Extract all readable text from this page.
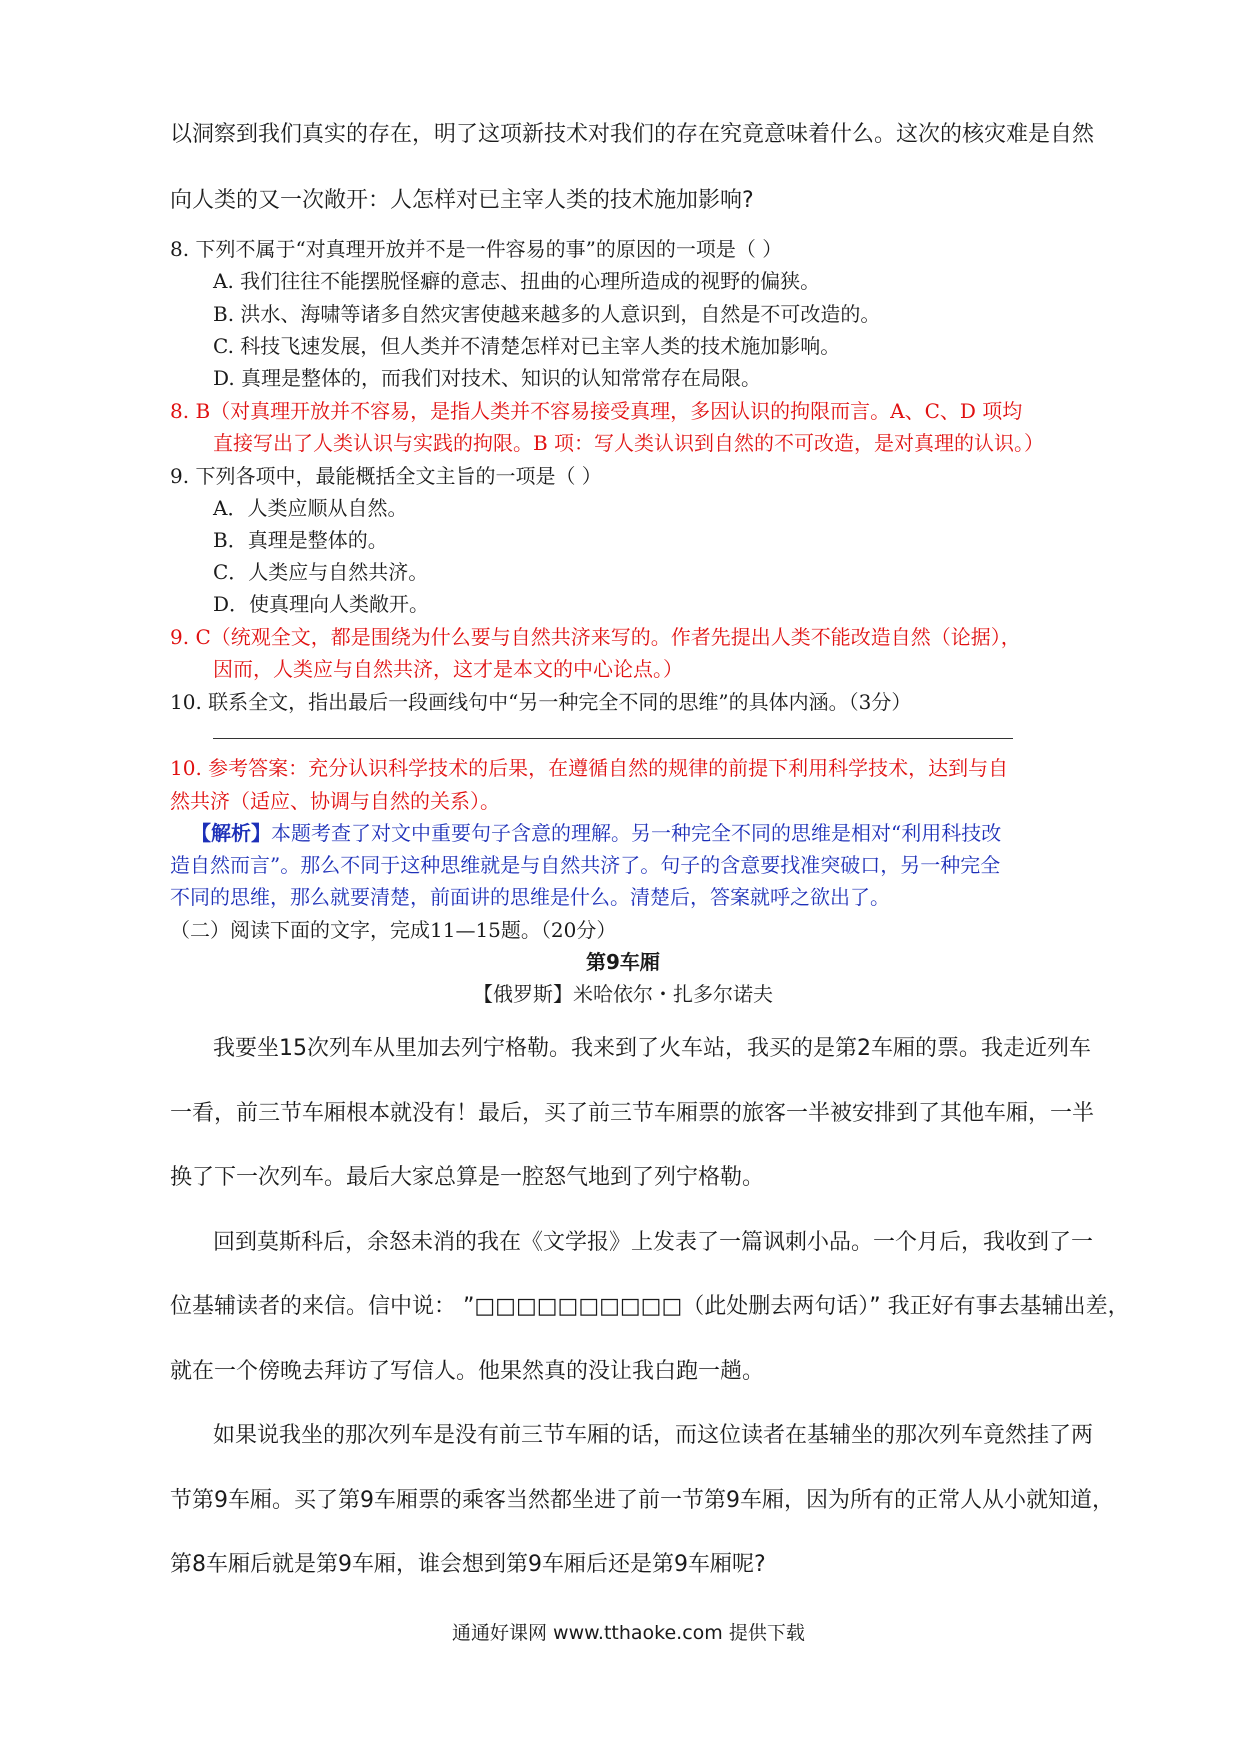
以洞察到我们真实的存在，明了这项新技术对我们的存在究竟意味着什么。这次的核灾难是自然
向人类的又一次敞开：人怎样对已主宰人类的技术施加影响?
8. 下列不属于“对真理开放并不是一件容易的事”的原因的一项是（ ）
A. 我们往往不能摆脱怪癖的意志、扭曲的心理所造成的视野的偏狭。
B. 洪水、海啸等诸多自然灾害使越来越多的人意识到，自然是不可改造的。
C. 科技飞速发展，但人类并不清楚怎样对已主宰人类的技术施加影响。
D. 真理是整体的，而我们对技术、知识的认知常常存在局限。
8. B（对真理开放并不容易，是指人类并不容易接受真理，多因认识的拘限而言。A、C、D 项均
直接写出了人类认识与实践的拘限。B 项：写人类认识到自然的不可改造，是对真理的认识。）
9. 下列各项中，最能概括全文主旨的一项是（ ）
A．人类应顺从自然。
B．真理是整体的。
C．人类应与自然共济。
D．使真理向人类敞开。
9. C（统观全文，都是围绕为什么要与自然共济来写的。作者先提出人类不能改造自然（论据），
因而，人类应与自然共济，这才是本文的中心论点。）
10. 联系全文，指出最后一段画线句中“另一种完全不同的思维”的具体内涵。（3分）
10. 参考答案：充分认识科学技术的后果，在遵循自然的规律的前提下利用科学技术，达到与自
然共济（适应、协调与自然的关系）。
【解析】本题考查了对文中重要句子含意的理解。另一种完全不同的思维是相对“利用科技改
造自然而言”。那么不同于这种思维就是与自然共济了。句子的含意要找准突破口，另一种完全
不同的思维，那么就要清楚，前面讲的思维是什么。清楚后，答案就呼之欲出了。
（二）阅读下面的文字，完成11—15题。（20分）
第9车厢
【俄罗斯】米哈依尔・扎多尔诺夫
我要坐15次列车从里加去列宁格勒。我来到了火车站，我买的是第2车厢的票。我走近列车
一看，前三节车厢根本就没有！最后，买了前三节车厢票的旅客一半被安排到了其他车厢，一半
换了下一次列车。最后大家总算是一腔怒气地到了列宁格勒。
回到莫斯科后，余怒未消的我在《文学报》上发表了一篇讽刺小品。一个月后，我收到了一
位基辅读者的来信。信中说： ”□□□□□□□□□□（此处删去两句话）” 我正好有事去基辅出差，
就在一个傍晚去拜访了写信人。他果然真的没让我白跑一趟。
如果说我坐的那次列车是没有前三节车厢的话，而这位读者在基辅坐的那次列车竟然挂了两
节第9车厢。买了第9车厢票的乘客当然都坐进了前一节第9车厢，因为所有的正常人从小就知道，
第8车厢后就是第9车厢，谁会想到第9车厢后还是第9车厢呢?
通通好课网 www.tthaoke.com 提供下载
